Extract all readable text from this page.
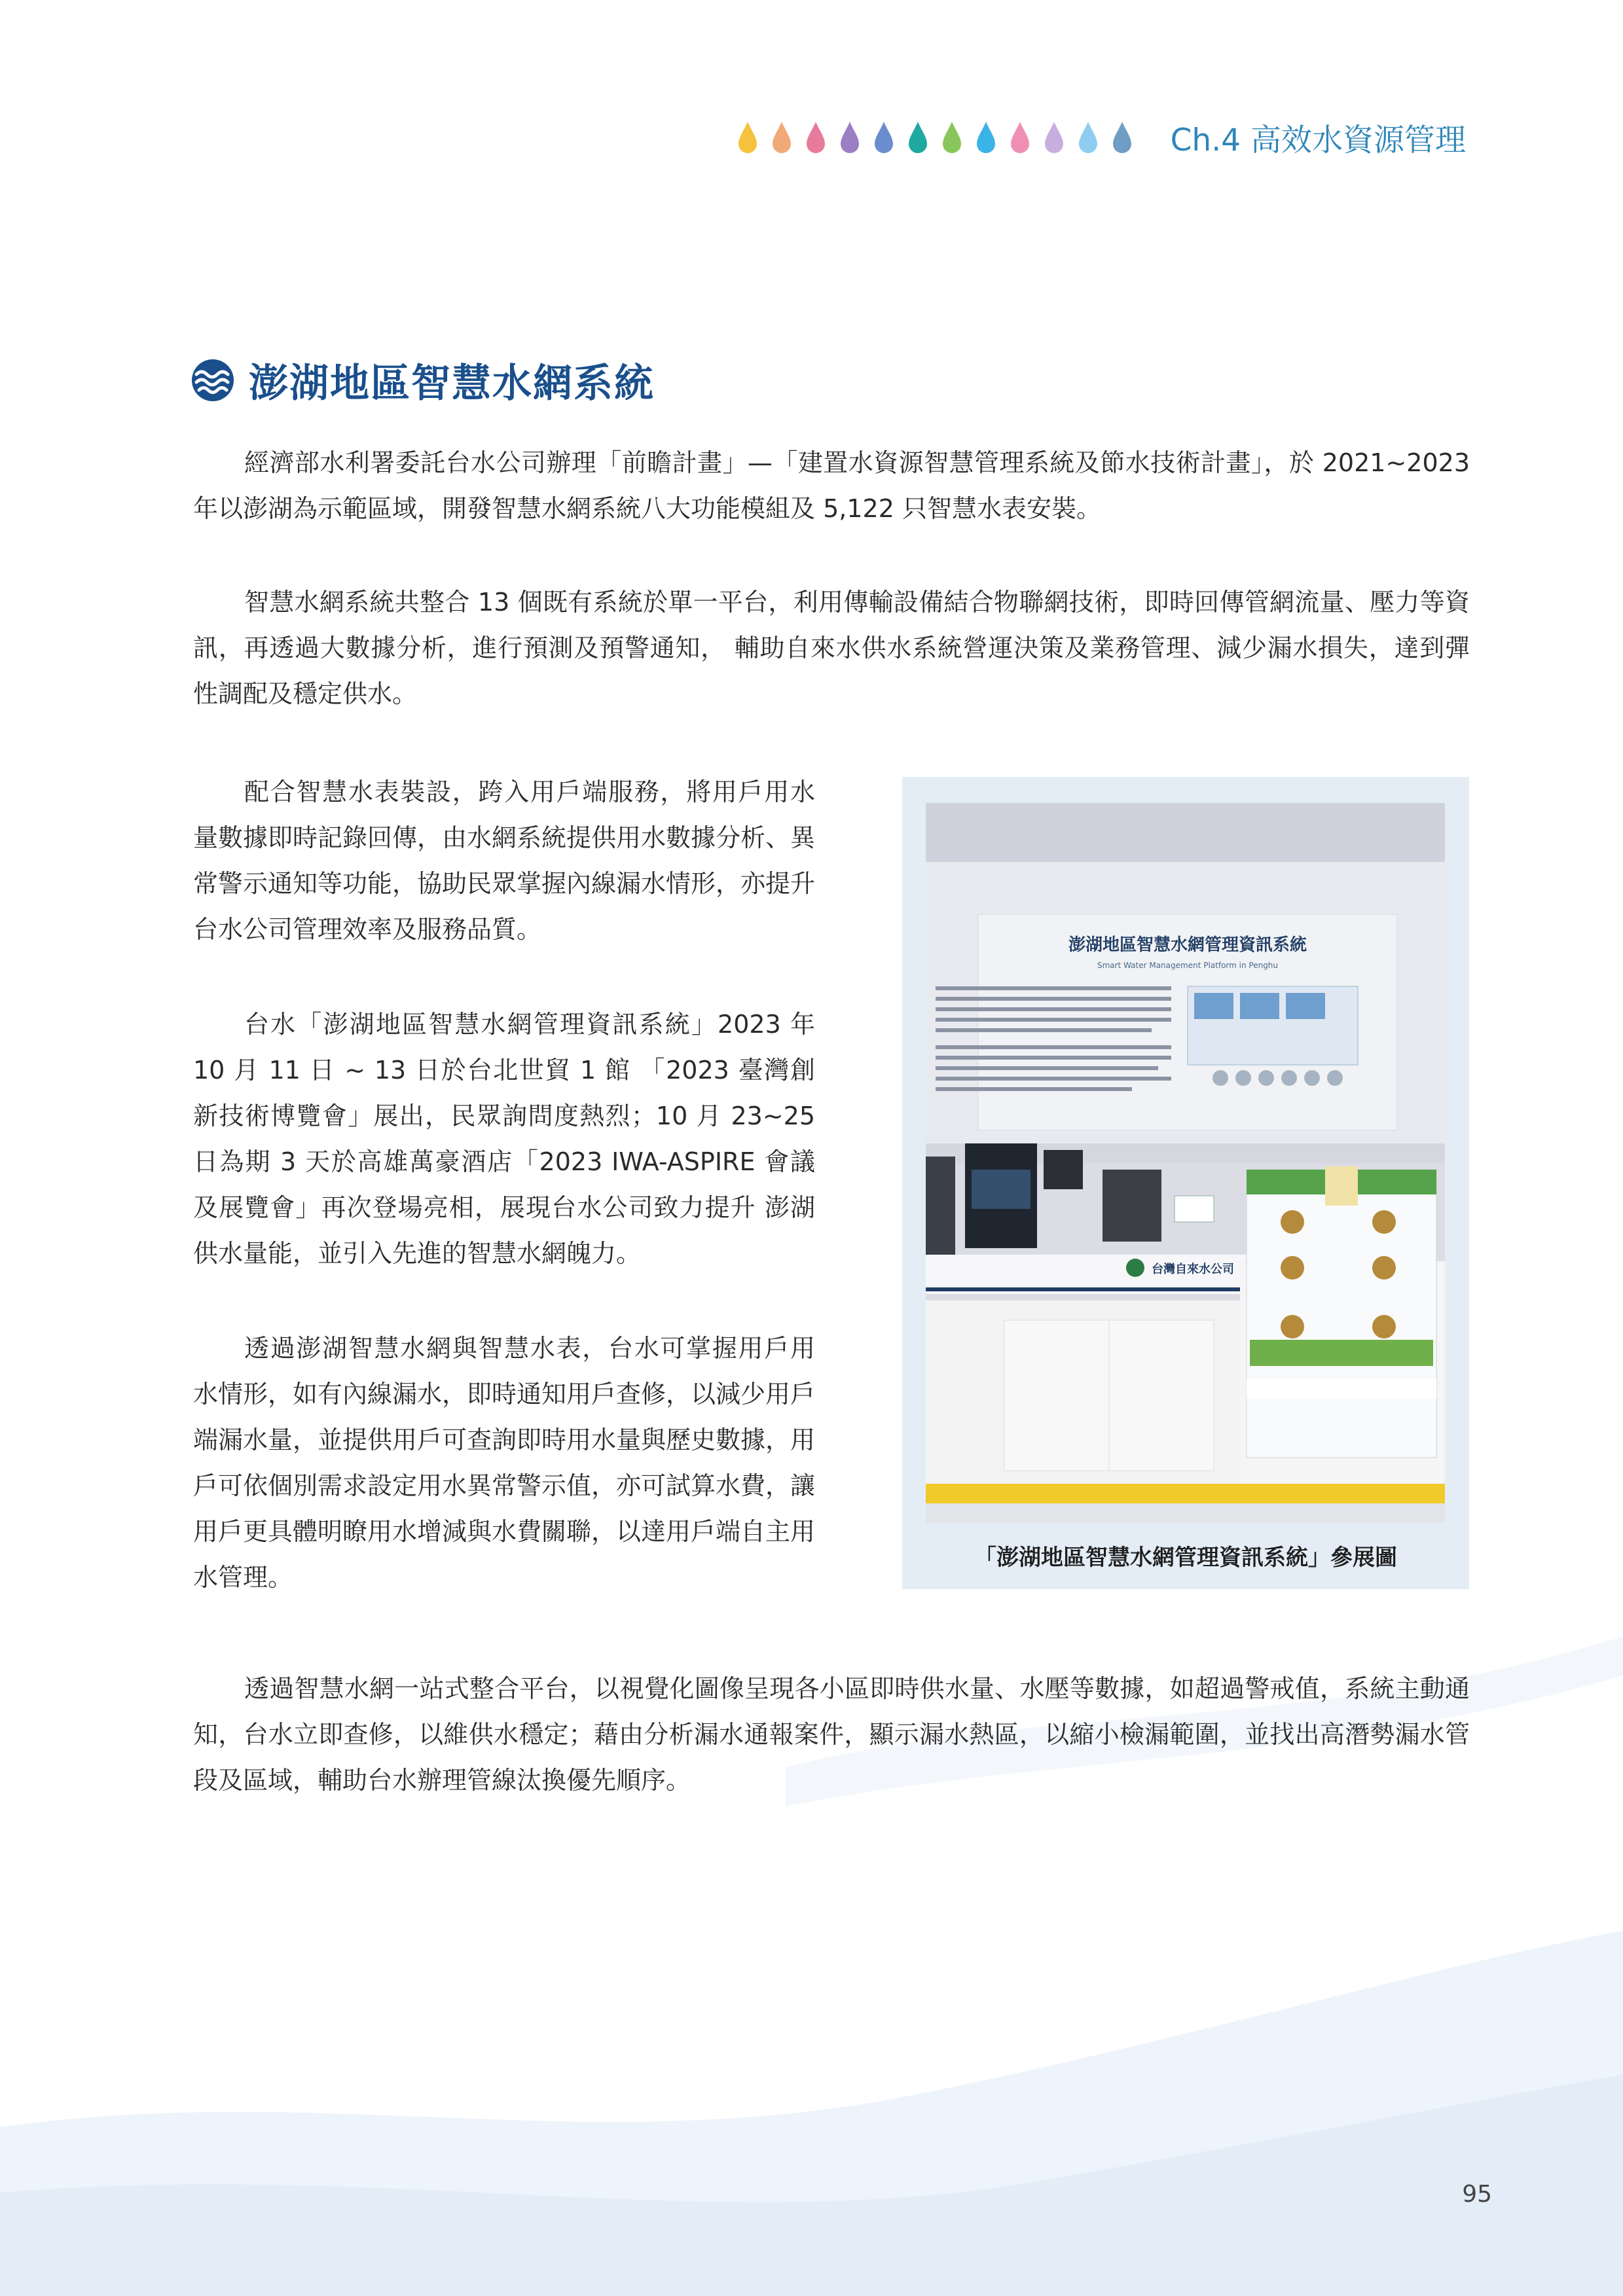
Ch.4 高效水資源管理
澎湖地區智慧水網系統

經濟部水利署委託台水公司辦理「前瞻計畫」—「建置水資源智慧管理系統及節水技術計畫」，於 2021~2023 年以澎湖為示範區域，開發智慧水網系統八大功能模組及 5,122 只智慧水表安裝。

智慧水網系統共整合 13 個既有系統於單一平台，利用傳輸設備結合物聯網技術，即時回傳管網流量、壓力等資訊，再透過大數據分析，進行預測及預警通知， 輔助自來水供水系統營運決策及業務管理、減少漏水損失，達到彈性調配及穩定供水。

配合智慧水表裝設，跨入用戶端服務，將用戶用水量數據即時記錄回傳，由水網系統提供用水數據分析、異常警示通知等功能，協助民眾掌握內線漏水情形，亦提升台水公司管理效率及服務品質。

台水「澎湖地區智慧水網管理資訊系統」2023 年 10 月 11 日 ~ 13 日於台北世貿 1 館 「2023 臺灣創新技術博覽會」展出，民眾詢問度熱烈；10 月 23~25 日為期 3 天於高雄萬豪酒店「2023 IWA-ASPIRE 會議及展覽會」再次登場亮相，展現台水公司致力提升 澎湖供水量能，並引入先進的智慧水網魄力。

透過澎湖智慧水網與智慧水表，台水可掌握用戶用水情形，如有內線漏水，即時通知用戶查修，以減少用戶端漏水量，並提供用戶可查詢即時用水量與歷史數據，用戶可依個別需求設定用水異常警示值，亦可試算水費，讓用戶更具體明瞭用水增減與水費關聯，以達用戶端自主用水管理。

透過智慧水網一站式整合平台，以視覺化圖像呈現各小區即時供水量、水壓等數據，如超過警戒值，系統主動通知，台水立即查修，以維供水穩定；藉由分析漏水通報案件，顯示漏水熱區，以縮小檢漏範圍，並找出高潛勢漏水管段及區域，輔助台水辦理管線汰換優先順序。

澎湖地區智慧水網管理資訊系統
Smart Water Management Platform in Penghu
台灣自來水公司
「澎湖地區智慧水網管理資訊系統」參展圖
95
